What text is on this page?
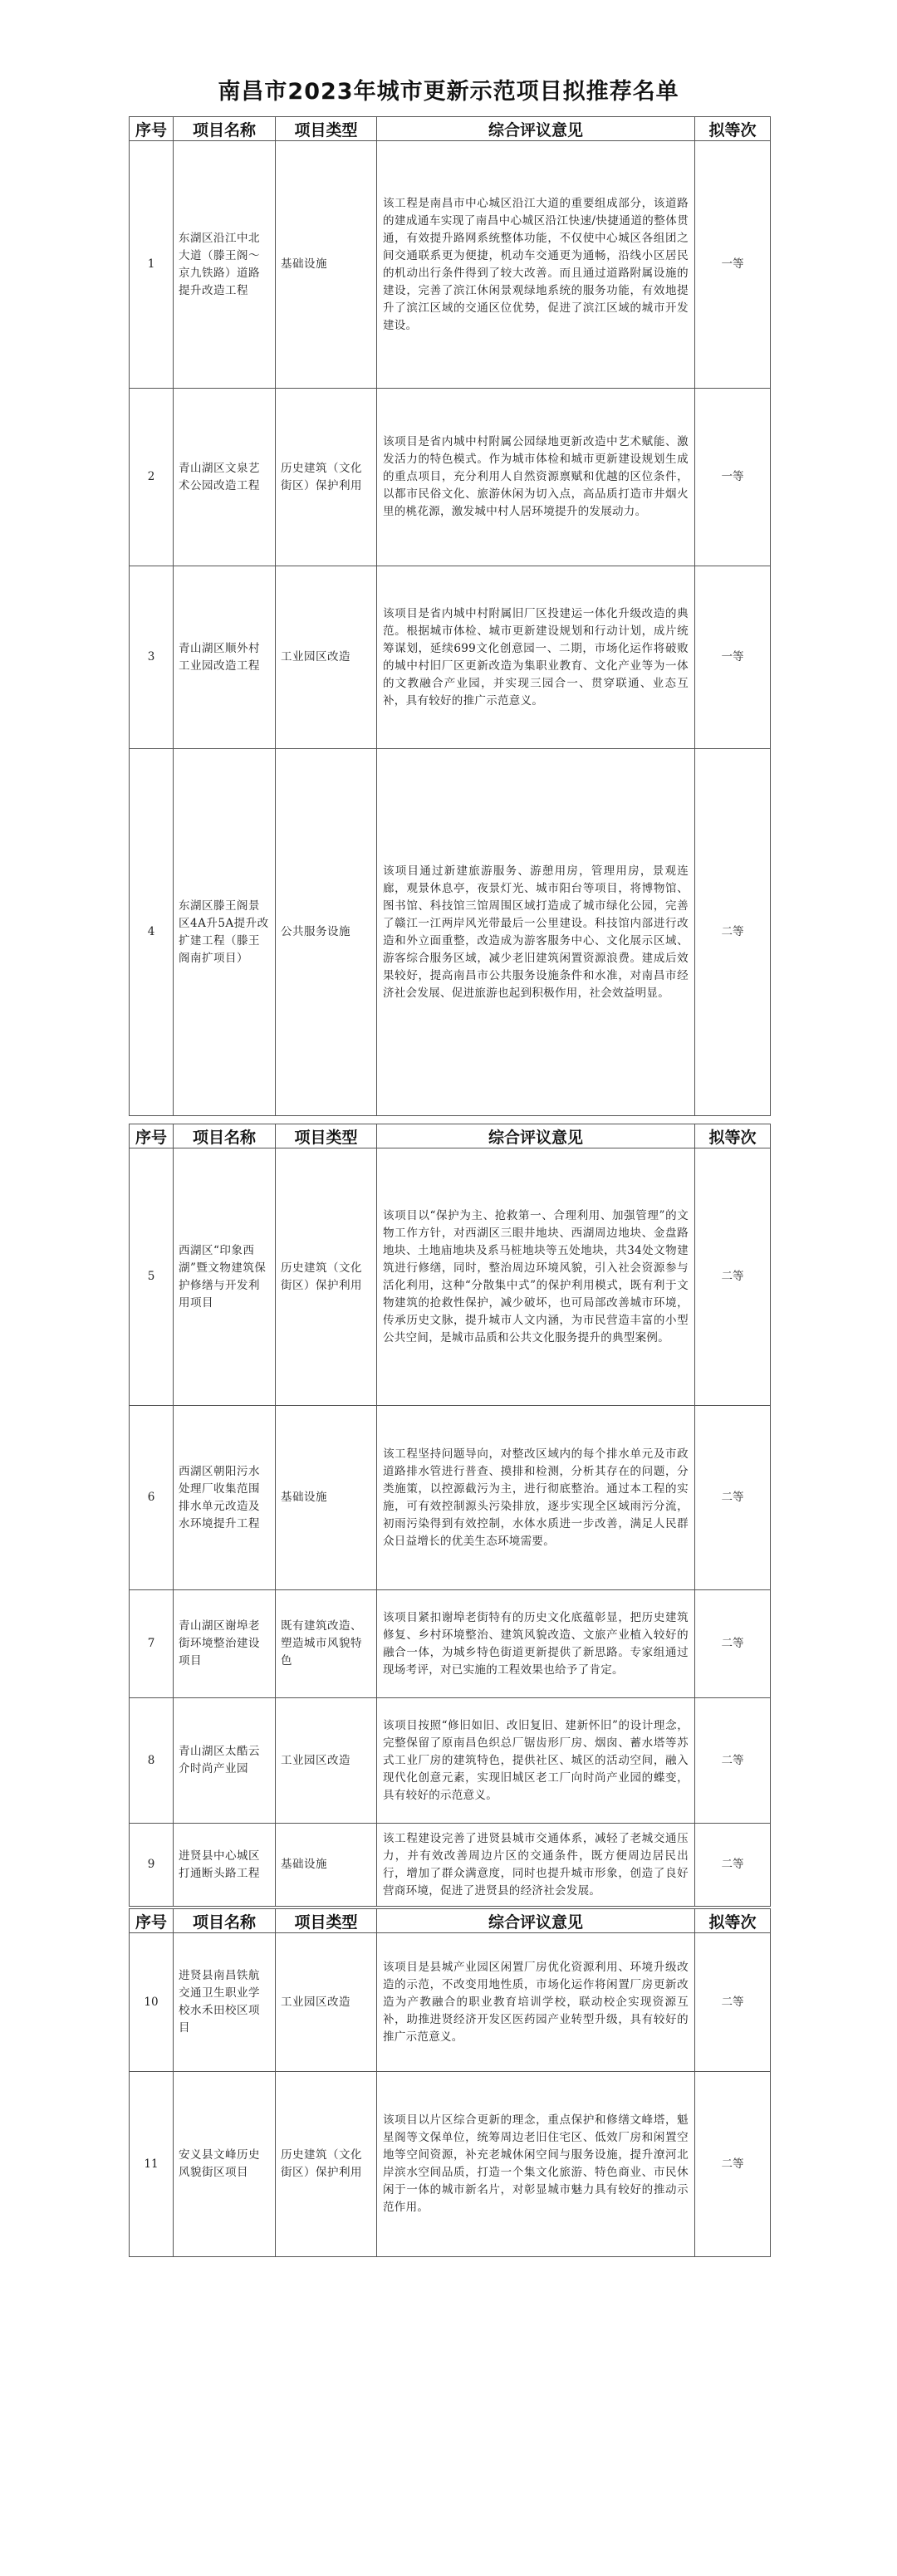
南昌市2023年城市更新示范项目拟推荐名单
序号	项目名称	项目类型	综合评议意见	拟等次
1	东湖区沿江中北大道（滕王阁～京九铁路）道路提升改造工程	基础设施	该工程是南昌市中心城区沿江大道的重要组成部分，该道路的建成通车实现了南昌中心城区沿江快速/快捷通道的整体贯通，有效提升路网系统整体功能，不仅使中心城区各组团之间交通联系更为便捷，机动车交通更为通畅，沿线小区居民的机动出行条件得到了较大改善。而且通过道路附属设施的建设，完善了滨江休闲景观绿地系统的服务功能，有效地提升了滨江区域的交通区位优势，促进了滨江区域的城市开发建设。	一等
2	青山湖区文泉艺术公园改造工程	历史建筑（文化街区）保护利用	该项目是省内城中村附属公园绿地更新改造中艺术赋能、激发活力的特色模式。作为城市体检和城市更新建设规划生成的重点项目，充分利用人自然资源禀赋和优越的区位条件，以都市民俗文化、旅游休闲为切入点，高品质打造市井烟火里的桃花源，激发城中村人居环境提升的发展动力。	一等
3	青山湖区顺外村工业园改造工程	工业园区改造	该项目是省内城中村附属旧厂区投建运一体化升级改造的典范。根据城市体检、城市更新建设规划和行动计划，成片统筹谋划，延续699文化创意园一、二期，市场化运作将破败的城中村旧厂区更新改造为集职业教育、文化产业等为一体的文教融合产业园，并实现三园合一、贯穿联通、业态互补，具有较好的推广示范意义。	一等
4	东湖区滕王阁景区4A升5A提升改扩建工程（滕王阁南扩项目）	公共服务设施	该项目通过新建旅游服务、游憩用房，管理用房，景观连廊，观景休息亭，夜景灯光、城市阳台等项目，将博物馆、图书馆、科技馆三馆周围区域打造成了城市绿化公园，完善了赣江一江两岸风光带最后一公里建设。科技馆内部进行改造和外立面重整，改造成为游客服务中心、文化展示区域、游客综合服务区域，减少老旧建筑闲置资源浪费。建成后效果较好，提高南昌市公共服务设施条件和水准，对南昌市经济社会发展、促进旅游也起到积极作用，社会效益明显。	二等
序号	项目名称	项目类型	综合评议意见	拟等次
5	西湖区“印象西湖”暨文物建筑保护修缮与开发利用项目	历史建筑（文化街区）保护利用	该项目以“保护为主、抢救第一、合理利用、加强管理”的文物工作方针，对西湖区三眼井地块、西湖周边地块、金盘路地块、土地庙地块及系马桩地块等五处地块，共34处文物建筑进行修缮，同时，整治周边环境风貌，引入社会资源参与活化利用，这种“分散集中式”的保护利用模式，既有利于文物建筑的抢救性保护，减少破坏，也可局部改善城市环境，传承历史文脉，提升城市人文内涵，为市民营造丰富的小型公共空间，是城市品质和公共文化服务提升的典型案例。	二等
6	西湖区朝阳污水处理厂收集范围排水单元改造及水环境提升工程	基础设施	该工程坚持问题导向，对整改区域内的每个排水单元及市政道路排水管进行普查、摸排和检测，分析其存在的问题，分类施策，以控源截污为主，进行彻底整治。通过本工程的实施，可有效控制源头污染排放，逐步实现全区域雨污分流，初雨污染得到有效控制，水体水质进一步改善，满足人民群众日益增长的优美生态环境需要。	二等
7	青山湖区谢埠老街环境整治建设项目	既有建筑改造、塑造城市风貌特色	该项目紧扣谢埠老街特有的历史文化底蕴彰显，把历史建筑修复、乡村环境整治、建筑风貌改造、文旅产业植入较好的融合一体，为城乡特色街道更新提供了新思路。专家组通过现场考评，对已实施的工程效果也给予了肯定。	二等
8	青山湖区太酷云介时尚产业园	工业园区改造	该项目按照“修旧如旧、改旧复旧、建新怀旧”的设计理念，完整保留了原南昌色织总厂锯齿形厂房、烟囱、蓄水塔等苏式工业厂房的建筑特色，提供社区、城区的活动空间，融入现代化创意元素，实现旧城区老工厂向时尚产业园的蝶变，具有较好的示范意义。	二等
9	进贤县中心城区打通断头路工程	基础设施	该工程建设完善了进贤县城市交通体系，减轻了老城交通压力，并有效改善周边片区的交通条件，既方便周边居民出行，增加了群众满意度，同时也提升城市形象，创造了良好营商环境，促进了进贤县的经济社会发展。	二等
序号	项目名称	项目类型	综合评议意见	拟等次
10	进贤县南昌铁航交通卫生职业学校水禾田校区项目	工业园区改造	该项目是县城产业园区闲置厂房优化资源利用、环境升级改造的示范，不改变用地性质，市场化运作将闲置厂房更新改造为产教融合的职业教育培训学校，联动校企实现资源互补，助推进贤经济开发区医药园产业转型升级，具有较好的推广示范意义。	二等
11	安义县文峰历史风貌街区项目	历史建筑（文化街区）保护利用	该项目以片区综合更新的理念，重点保护和修缮文峰塔，魁星阁等文保单位，统筹周边老旧住宅区、低效厂房和闲置空地等空间资源，补充老城休闲空间与服务设施，提升潦河北岸滨水空间品质，打造一个集文化旅游、特色商业、市民休闲于一体的城市新名片，对彰显城市魅力具有较好的推动示范作用。	二等
